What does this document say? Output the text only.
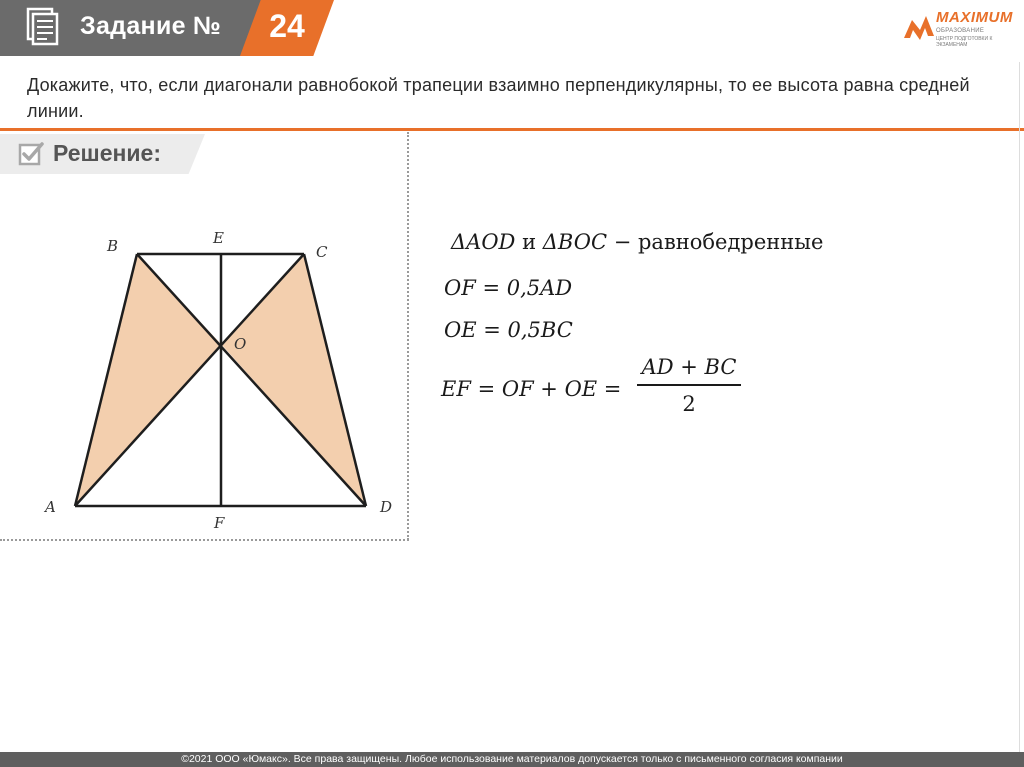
Задание №	24	MAXIMUM
ОБРАЗОВАНИЕ
ЦЕНТР ПОДГОТОВКИ К ЭКЗАМЕНАМ
Докажите, что, если диагонали равнобокой трапеции взаимно перпендикулярны, то ее высота равна средней линии.
Решение:
B	E
C
O
A	D
F
ΔAOD и ΔBOC − равнобедренные
OF = 0,5AD
OE = 0,5BC
EF = OF + OE =
AD + BC
2
©2021 ООО «Юмакс». Все права защищены. Любое использование материалов допускается только с письменного согласия компании
